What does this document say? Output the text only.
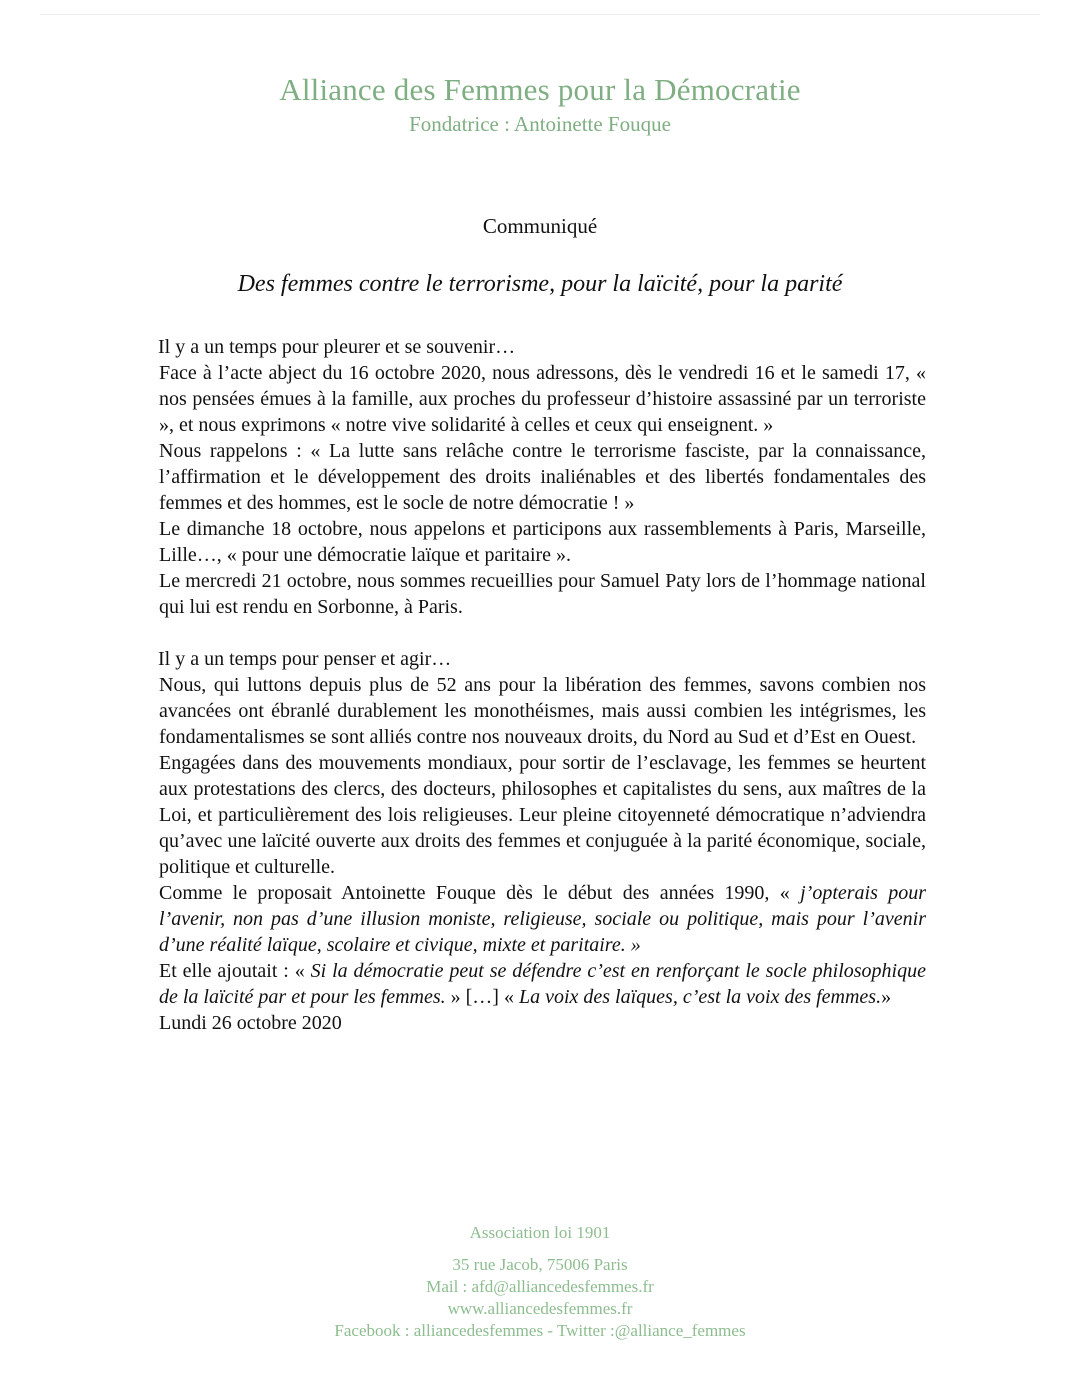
Alliance des Femmes pour la Démocratie
Fondatrice : Antoinette Fouque
Communiqué
Des femmes contre le terrorisme, pour la laïcité, pour la parité

Il y a un temps pour pleurer et se souvenir…

Face à l’acte abject du 16 octobre 2020, nous adressons, dès le vendredi 16 et le samedi 17, « nos pensées émues à la famille, aux proches du professeur d’histoire assassiné par un terroriste », et nous exprimons « notre vive solidarité à celles et ceux qui enseignent. »

Nous rappelons : « La lutte sans relâche contre le terrorisme fasciste, par la connaissance, l’affirmation et le développement des droits inaliénables et des libertés fondamentales des femmes et des hommes, est le socle de notre démocratie ! »

Le dimanche 18 octobre, nous appelons et participons aux rassemblements à Paris, Marseille, Lille…, « pour une démocratie laïque et paritaire ».

Le mercredi 21 octobre, nous sommes recueillies pour Samuel Paty lors de l’hommage national qui lui est rendu en Sorbonne, à Paris.

Il y a un temps pour penser et agir…

Nous, qui luttons depuis plus de 52 ans pour la libération des femmes, savons combien nos avancées ont ébranlé durablement les monothéismes, mais aussi combien les intégrismes, les fondamentalismes se sont alliés contre nos nouveaux droits, du Nord au Sud et d’Est en Ouest.

Engagées dans des mouvements mondiaux, pour sortir de l’esclavage, les femmes se heurtent aux protestations des clercs, des docteurs, philosophes et capitalistes du sens, aux maîtres de la Loi, et particulièrement des lois religieuses. Leur pleine citoyenneté démocratique n’adviendra qu’avec une laïcité ouverte aux droits des femmes et conjuguée à la parité économique, sociale, politique et culturelle.

Comme le proposait Antoinette Fouque dès le début des années 1990, « j’opterais pour l’avenir, non pas d’une illusion moniste, religieuse, sociale ou politique, mais pour l’avenir d’une réalité laïque, scolaire et civique, mixte et paritaire. »

Et elle ajoutait : « Si la démocratie peut se défendre c’est en renforçant le socle philosophique de la laïcité par et pour les femmes. » […] « La voix des laïques, c’est la voix des femmes.»

Lundi 26 octobre 2020

Association loi 1901
35 rue Jacob, 75006 Paris
Mail : afd@alliancedesfemmes.fr
www.alliancedesfemmes.fr
Facebook : alliancedesfemmes - Twitter :@alliance_femmes
